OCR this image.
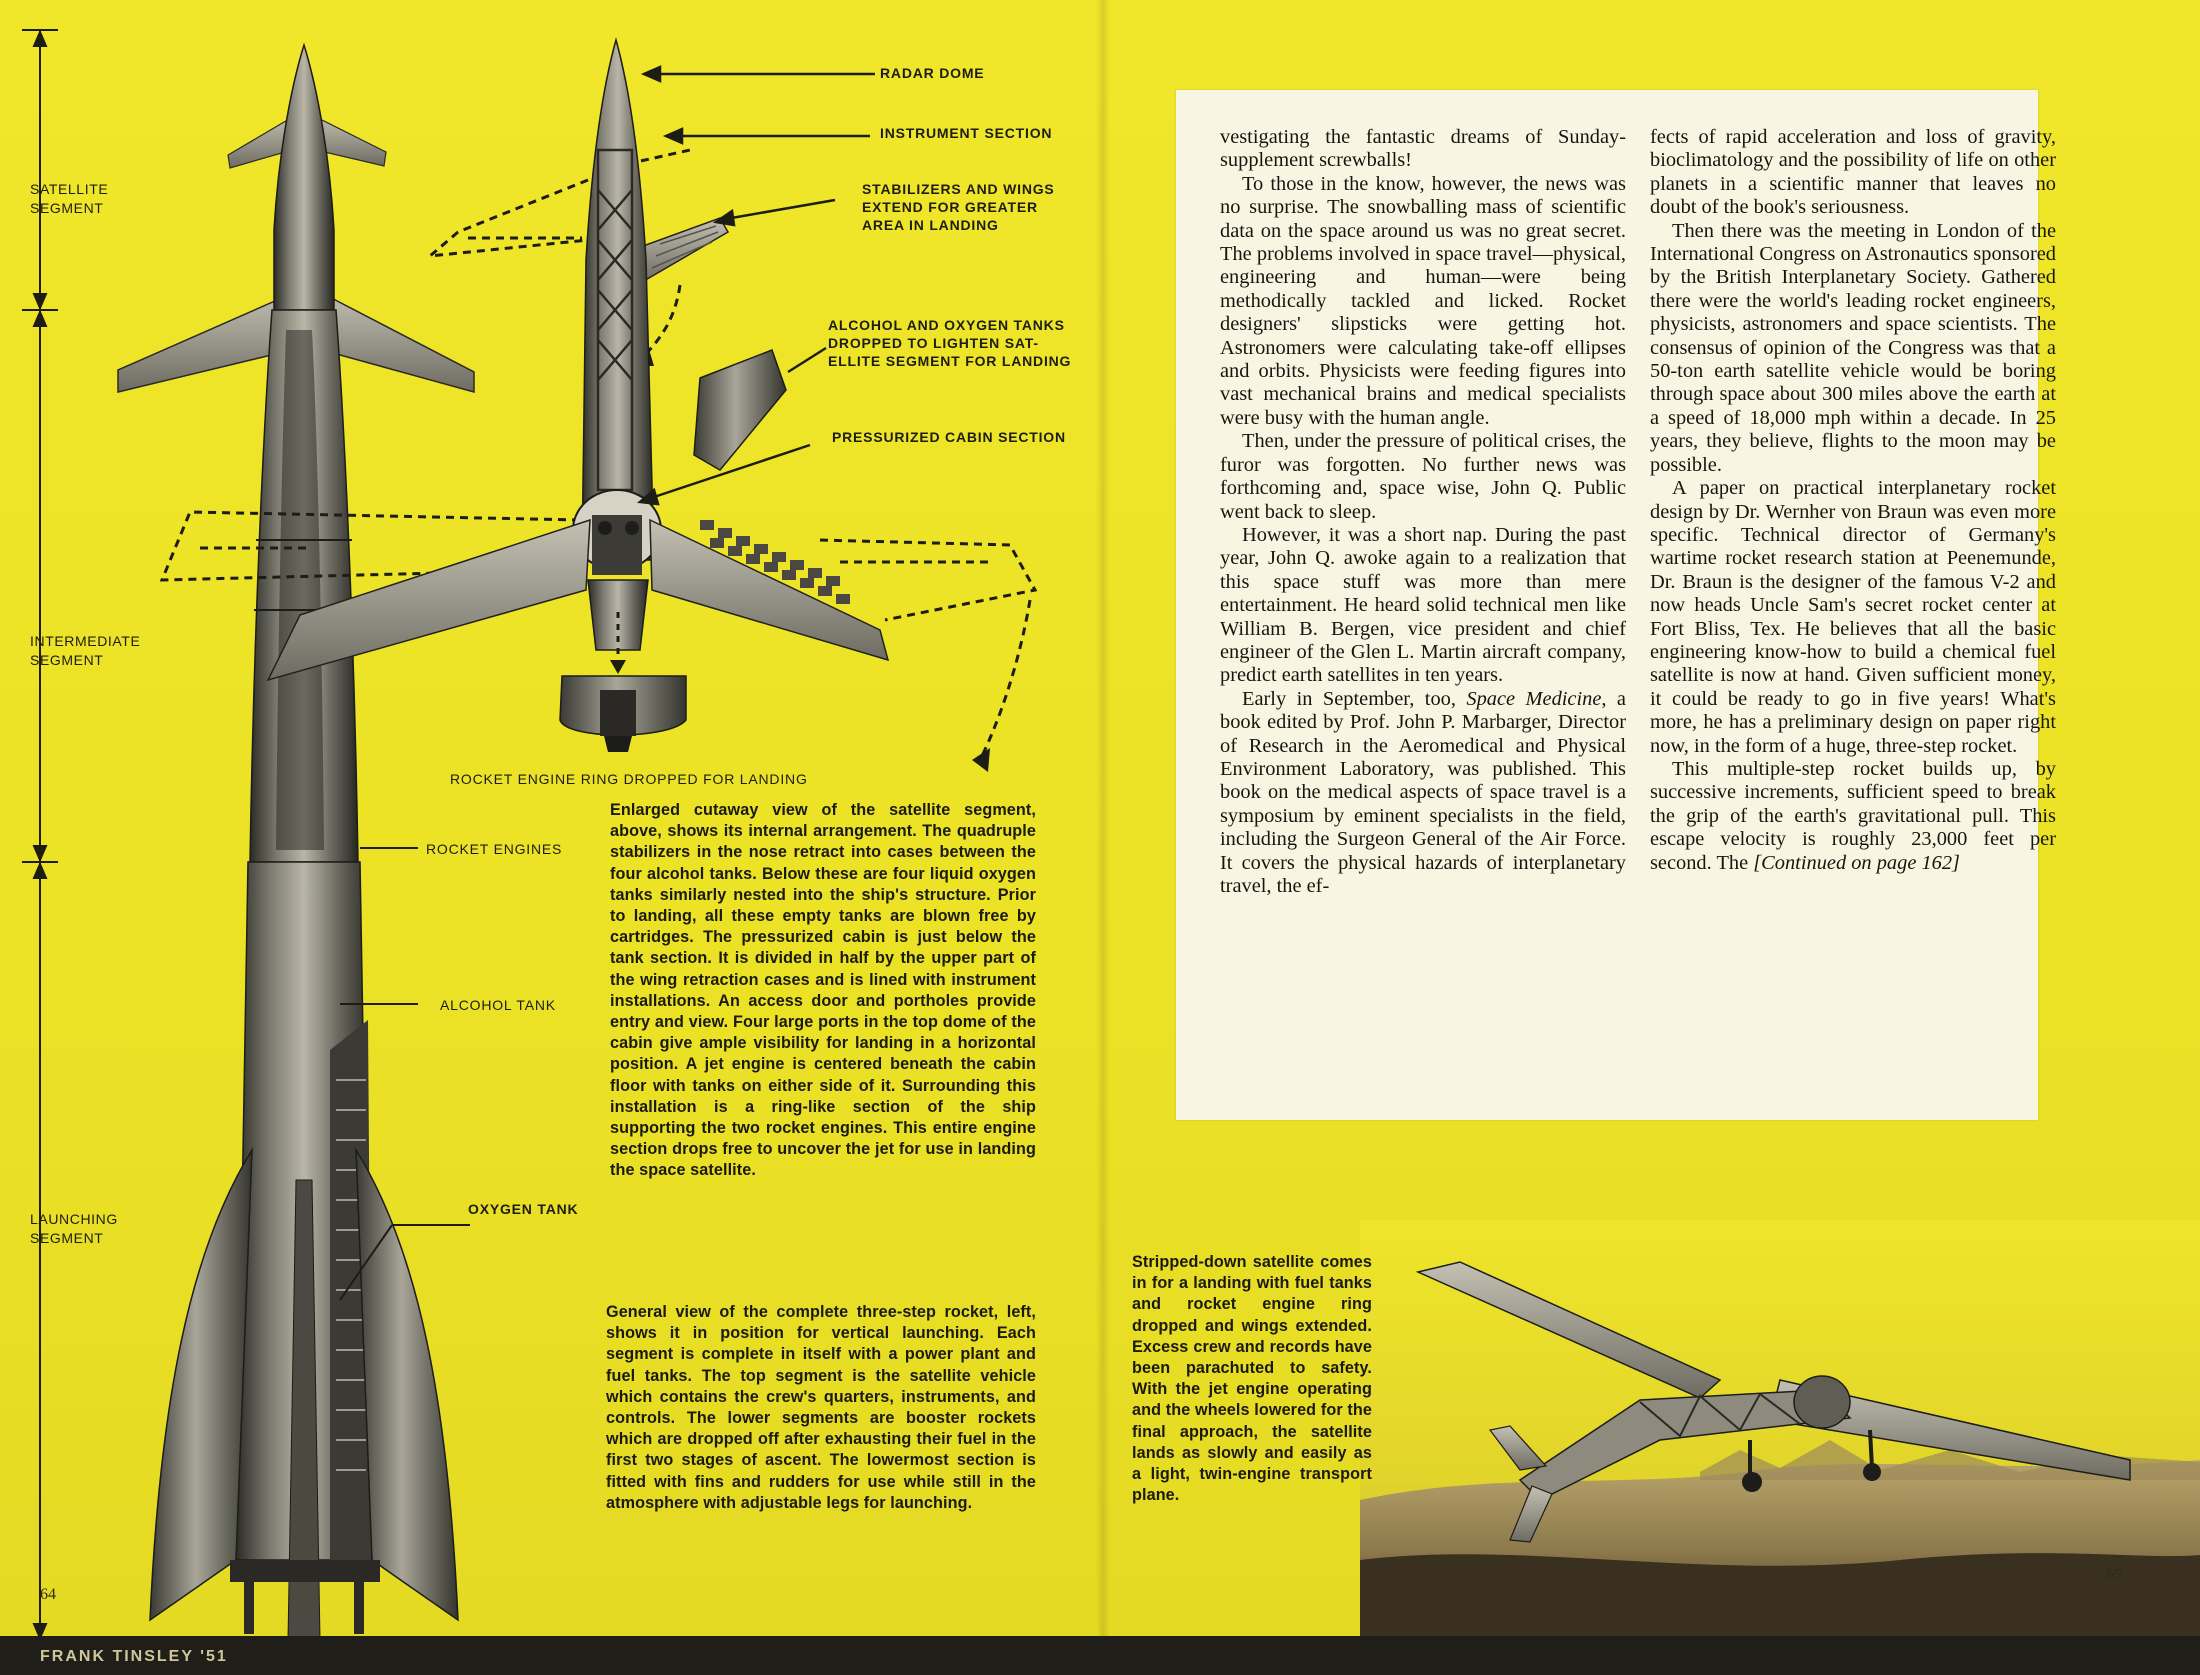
SATELLITE
SEGMENT
INTERMEDIATE
SEGMENT
LAUNCHING
SEGMENT
RADAR DOME
INSTRUMENT SECTION
STABILIZERS AND WINGS
EXTEND FOR GREATER
AREA IN LANDING
ALCOHOL AND OXYGEN TANKS
DROPPED TO LIGHTEN SAT-
ELLITE SEGMENT FOR LANDING
PRESSURIZED CABIN SECTION
ROCKET ENGINE RING DROPPED FOR LANDING
ROCKET ENGINES
ALCOHOL TANK
OXYGEN TANK
Enlarged cutaway view of the satellite segment, above, shows its internal arrangement. The quadruple stabilizers in the nose retract into cases between the four alcohol tanks. Below these are four liquid oxygen tanks similarly nested into the ship's structure. Prior to landing, all these empty tanks are blown free by cartridges. The pressurized cabin is just below the tank section. It is divided in half by the upper part of the wing retraction cases and is lined with instrument installations. An access door and portholes provide entry and view. Four large ports in the top dome of the cabin give ample visibility for landing in a horizontal position. A jet engine is centered beneath the cabin floor with tanks on either side of it. Surrounding this installation is a ring-like section of the ship supporting the two rocket engines. This entire engine section drops free to uncover the jet for use in landing the space satellite.
General view of the complete three-step rocket, left, shows it in position for vertical launching. Each segment is complete in itself with a power plant and fuel tanks. The top segment is the satellite vehicle which contains the crew's quarters, instruments, and controls. The lower segments are booster rockets which are dropped off after exhausting their fuel in the first two stages of ascent. The lowermost section is fitted with fins and rudders for use while still in the atmosphere with adjustable legs for launching.
Stripped-down satellite comes in for a landing with fuel tanks and rocket engine ring dropped and wings extended. Excess crew and records have been parachuted to safety. With the jet engine operating and the wheels lowered for the final approach, the satellite lands as slowly and easily as a light, twin-engine transport plane.

vestigating the fantastic dreams of Sunday-supplement screwballs!

To those in the know, however, the news was no surprise. The snowballing mass of scientific data on the space around us was no great secret. The problems involved in space travel—physical, engineering and human—were being methodically tackled and licked. Rocket designers' slipsticks were getting hot. Astronomers were calculating take-off ellipses and orbits. Physicists were feeding figures into vast mechanical brains and medical specialists were busy with the human angle.

Then, under the pressure of political crises, the furor was forgotten. No further news was forthcoming and, space wise, John Q. Public went back to sleep.

However, it was a short nap. During the past year, John Q. awoke again to a realization that this space stuff was more than mere entertainment. He heard solid technical men like William B. Bergen, vice president and chief engineer of the Glen L. Martin aircraft company, predict earth satellites in ten years.

Early in September, too, Space Medicine, a book edited by Prof. John P. Marbarger, Director of Research in the Aeromedical and Physical Environment Laboratory, was published. This book on the medical aspects of space travel is a symposium by eminent specialists in the field, including the Surgeon General of the Air Force. It covers the physical hazards of interplanetary travel, the ef-

fects of rapid acceleration and loss of gravity, bioclimatology and the possibility of life on other planets in a scientific manner that leaves no doubt of the book's seriousness.

Then there was the meeting in London of the International Congress on Astronautics sponsored by the British Interplanetary Society. Gathered there were the world's leading rocket engineers, physicists, astronomers and space scientists. The consensus of opinion of the Congress was that a 50-ton earth satellite vehicle would be boring through space about 300 miles above the earth at a speed of 18,000 mph within a decade. In 25 years, they believe, flights to the moon may be possible.

A paper on practical interplanetary rocket design by Dr. Wernher von Braun was even more specific. Technical director of Germany's wartime rocket research station at Peenemunde, Dr. Braun is the designer of the famous V-2 and now heads Uncle Sam's secret rocket center at Fort Bliss, Tex. He believes that all the basic engineering know-how to build a chemical fuel satellite is now at hand. Given sufficient money, it could be ready to go in five years! What's more, he has a preliminary design on paper right now, in the form of a huge, three-step rocket.

This multiple-step rocket builds up, by successive increments, sufficient speed to break the grip of the earth's gravitational pull. This escape velocity is roughly 23,000 feet per second. The [Continued on page 162]

64
65
FRANK TINSLEY '51
